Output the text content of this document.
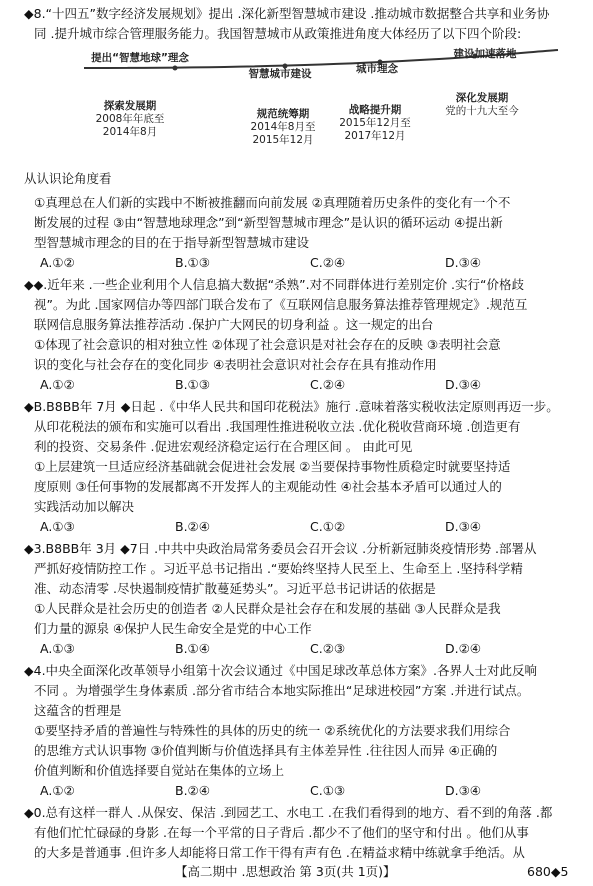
◆8.“十四五”数字经济发展规划》提出 .深化新型智慧城市建设 .推动城市数据整合共享和业务协
同 .提升城市综合管理服务能力。我国智慧城市从政策推进角度大体经历了以下四个阶段:
提出“智慧地球”理念
智慧城市建设	城市理念
建设加速落地
探索发展期
2008年年底至
2014年8月
规范统筹期
2014年8月至
2015年12月
战略提升期
2015年12月至
2017年12月
深化发展期
党的十九大至今
从认识论角度看
①真理总在人们新的实践中不断被推翻而向前发展 ②真理随着历史条件的变化有一个不
断发展的过程 ③由“智慧地球理念”到“新型智慧城市理念”是认识的循环运动 ④提出新
型智慧城市理念的目的在于指导新型智慧城市建设
A.①②	B.①③	C.②④	D.③④
◆◆.近年来 .一些企业利用个人信息搞大数据“杀熟”.对不同群体进行差别定价 .实行“价格歧
视”。为此 .国家网信办等四部门联合发布了《互联网信息服务算法推荐管理规定》.规范互
联网信息服务算法推荐活动 .保护广大网民的切身利益 。这一规定的出台
①体现了社会意识的相对独立性 ②体现了社会意识是对社会存在的反映 ③表明社会意
识的变化与社会存在的变化同步 ④表明社会意识对社会存在具有推动作用
A.①②	B.①③	C.②④	D.③④
◆B.B8BB年 7月 ◆日起 .《中华人民共和国印花税法》施行 .意味着落实税收法定原则再迈一步。
从印花税法的颁布和实施可以看出 .我国理性推进税收立法 .优化税收营商环境 .创造更有
利的投资、交易条件 .促进宏观经济稳定运行在合理区间 。 由此可见
①上层建筑一旦适应经济基础就会促进社会发展 ②当要保持事物性质稳定时就要坚持适
度原则 ③任何事物的发展都离不开发挥人的主观能动性 ④社会基本矛盾可以通过人的
实践活动加以解决
A.①③	B.②④	C.①②	D.③④
◆3.B8BB年 3月 ◆7日 .中共中央政治局常务委员会召开会议 .分析新冠肺炎疫情形势 .部署从
严抓好疫情防控工作 。习近平总书记指出 .“要始终坚持人民至上、生命至上 .坚持科学精
准、动态清零 .尽快遏制疫情扩散蔓延势头”。习近平总书记讲话的依据是
①人民群众是社会历史的创造者 ②人民群众是社会存在和发展的基础 ③人民群众是我
们力量的源泉 ④保护人民生命安全是党的中心工作
A.①③	B.①④	C.②③	D.②④
◆4.中央全面深化改革领导小组第十次会议通过《中国足球改革总体方案》.各界人士对此反响
不同 。为增强学生身体素质 .部分省市结合本地实际推出“足球进校园”方案 .并进行试点。
这蕴含的哲理是
①要坚持矛盾的普遍性与特殊性的具体的历史的统一 ②系统优化的方法要求我们用综合
的思维方式认识事物 ③价值判断与价值选择具有主体差异性 .往往因人而异 ④正确的
价值判断和价值选择要自觉站在集体的立场上
A.①②	B.②④	C.①③	D.③④
◆0.总有这样一群人 .从保安、保洁 .到园艺工、水电工 .在我们看得到的地方、看不到的角落 .都
有他们忙忙碌碌的身影 .在每一个平常的日子背后 .都少不了他们的坚守和付出 。他们从事
的大多是普通事 .但许多人却能将日常工作干得有声有色 .在精益求精中练就拿手绝活。从
【高二期中 .思想政治 第 3页(共 1页)】	680◆5
